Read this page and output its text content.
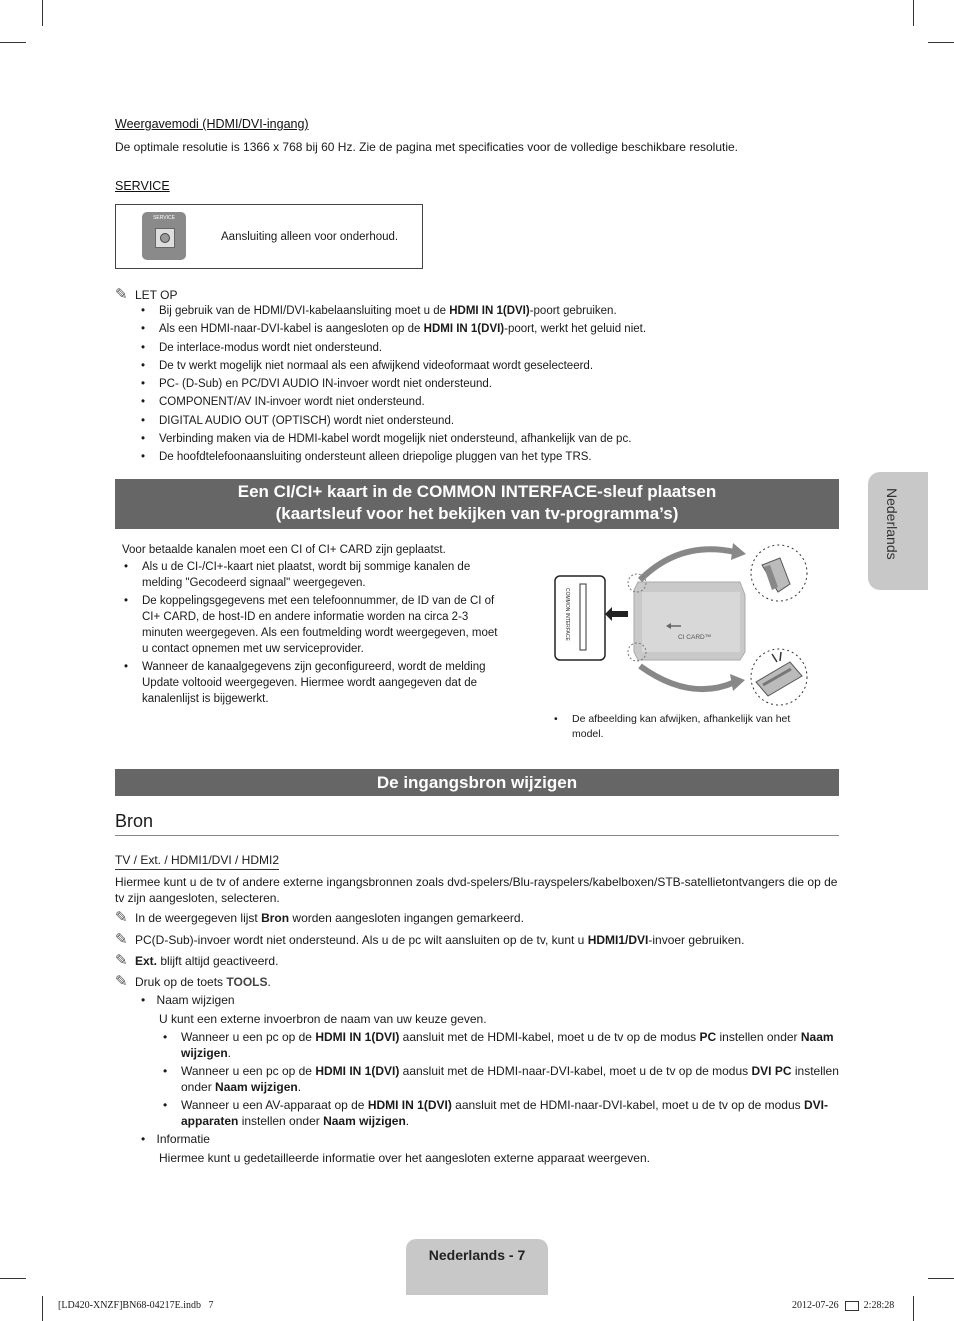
Weergavemodi (HDMI/DVI-ingang)
De optimale resolutie is 1366 x 768 bij 60 Hz. Zie de pagina met specificaties voor de volledige beschikbare resolutie.
SERVICE
SERVICE
Aansluiting alleen voor onderhoud.
✎ LET OP
• Bij gebruik van de HDMI/DVI-kabelaansluiting moet u de HDMI IN 1(DVI)-poort gebruiken.
• Als een HDMI-naar-DVI-kabel is aangesloten op de HDMI IN 1(DVI)-poort, werkt het geluid niet.
• De interlace-modus wordt niet ondersteund.
• De tv werkt mogelijk niet normaal als een afwijkend videoformaat wordt geselecteerd.
• PC- (D-Sub) en PC/DVI AUDIO IN-invoer wordt niet ondersteund.
• COMPONENT/AV IN-invoer wordt niet ondersteund.
• DIGITAL AUDIO OUT (OPTISCH) wordt niet ondersteund.
• Verbinding maken via de HDMI-kabel wordt mogelijk niet ondersteund, afhankelijk van de pc.
• De hoofdtelefoonaansluiting ondersteunt alleen driepolige pluggen van het type TRS.
Een CI/CI+ kaart in de COMMON INTERFACE-sleuf plaatsen
(kaartsleuf voor het bekijken van tv-programma’s)
Voor betaalde kanalen moet een CI of CI+ CARD zijn geplaatst.
• Als u de CI-/CI+-kaart niet plaatst, wordt bij sommige kanalen de melding "Gecodeerd signaal" weergegeven.
• De koppelingsgegevens met een telefoonnummer, de ID van de CI of CI+ CARD, de host-ID en andere informatie worden na circa 2-3 minuten weergegeven. Als een foutmelding wordt weergegeven, moet u contact opnemen met uw serviceprovider.
• Wanneer de kanaalgegevens zijn geconfigureerd, wordt de melding Update voltooid weergegeven. Hiermee wordt aangegeven dat de kanalenlijst is bijgewerkt.
COMMON INTERFACE	CI CARD™
• De afbeelding kan afwijken, afhankelijk van het model.
De ingangsbron wijzigen
Bron
TV / Ext. / HDMI1/DVI / HDMI2
Hiermee kunt u de tv of andere externe ingangsbronnen zoals dvd-spelers/Blu-rayspelers/kabelboxen/STB-satellietontvangers die op de tv zijn aangesloten, selecteren.
✎ In de weergegeven lijst Bron worden aangesloten ingangen gemarkeerd.
✎ PC(D-Sub)-invoer wordt niet ondersteund. Als u de pc wilt aansluiten op de tv, kunt u HDMI1/DVI-invoer gebruiken.
✎ Ext. blijft altijd geactiveerd.
✎ Druk op de toets TOOLS.
• Naam wijzigen
U kunt een externe invoerbron de naam van uw keuze geven.
• Wanneer u een pc op de HDMI IN 1(DVI) aansluit met de HDMI-kabel, moet u de tv op de modus PC instellen onder Naam wijzigen.
• Wanneer u een pc op de HDMI IN 1(DVI) aansluit met de HDMI-naar-DVI-kabel, moet u de tv op de modus DVI PC instellen onder Naam wijzigen.
• Wanneer u een AV-apparaat op de HDMI IN 1(DVI) aansluit met de HDMI-naar-DVI-kabel, moet u de tv op de modus DVI-apparaten instellen onder Naam wijzigen.
• Informatie
Hiermee kunt u gedetailleerde informatie over het aangesloten externe apparaat weergeven.
Nederlands
Nederlands - 7
[LD420-XNZF]BN68-04217E.indb   7	2012-07-26	2:28:28
